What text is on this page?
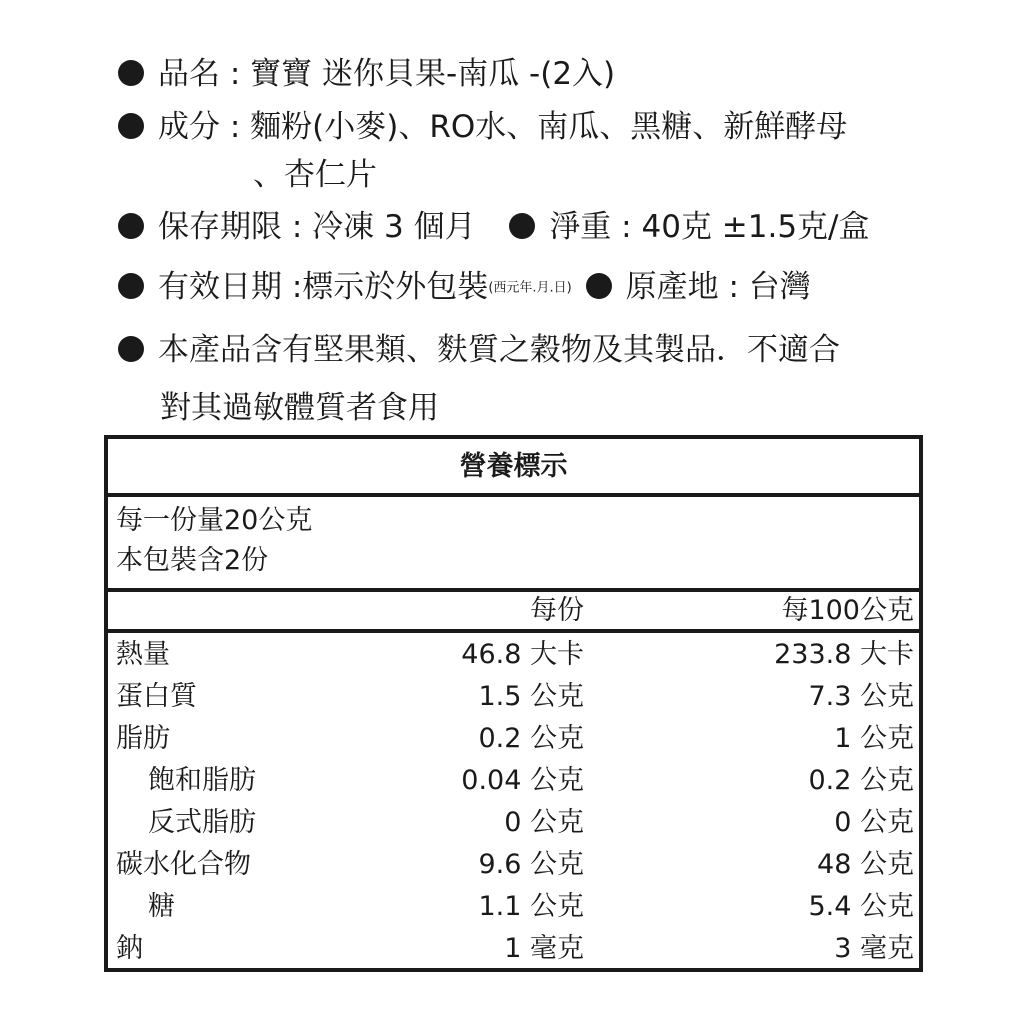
品名 : 寶寶 迷你貝果-南瓜 -(2入)
成分 : 麵粉(小麥)、RO水、南瓜、黑糖、新鮮酵母
、杏仁片
保存期限 : 冷凍 3 個月 淨重 : 40克 ±1.5克/盒
有效日期 :標示於外包裝(西元年.月.日) 原產地 : 台灣
本產品含有堅果類、麩質之穀物及其製品．不適合
對其過敏體質者食用
營養標示
每一份量20公克
本包裝含2份
每份	每100公克
熱量	46.8 大卡	233.8 大卡
蛋白質	1.5 公克	7.3 公克
脂肪	0.2 公克	1 公克
飽和脂肪	0.04 公克	0.2 公克
反式脂肪	0 公克	0 公克
碳水化合物	9.6 公克	48 公克
糖	1.1 公克	5.4 公克
鈉	1 毫克	3 毫克
